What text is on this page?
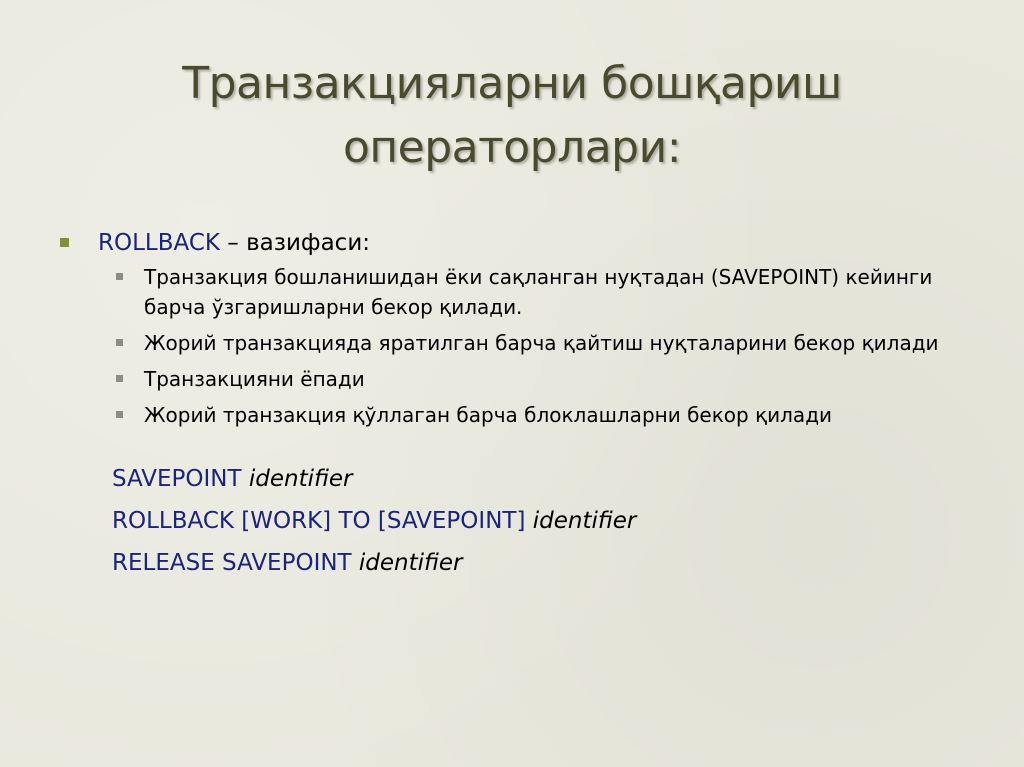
Транзакцияларни бошқариш
операторлари:
ROLLBACK – вазифаси:
Транзакция бошланишидан ёки сақланган нуқтадан (SAVEPOINT) кейинги барча ўзгаришларни бекор қилади.
Жорий транзакцияда яратилган барча қайтиш нуқталарини бекор қилади
Транзакцияни ёпади
Жорий транзакция қўллаган барча блоклашларни бекор қилади
SAVEPOINT identifier
ROLLBACK [WORK] TO [SAVEPOINT] identifier
RELEASE SAVEPOINT identifier
